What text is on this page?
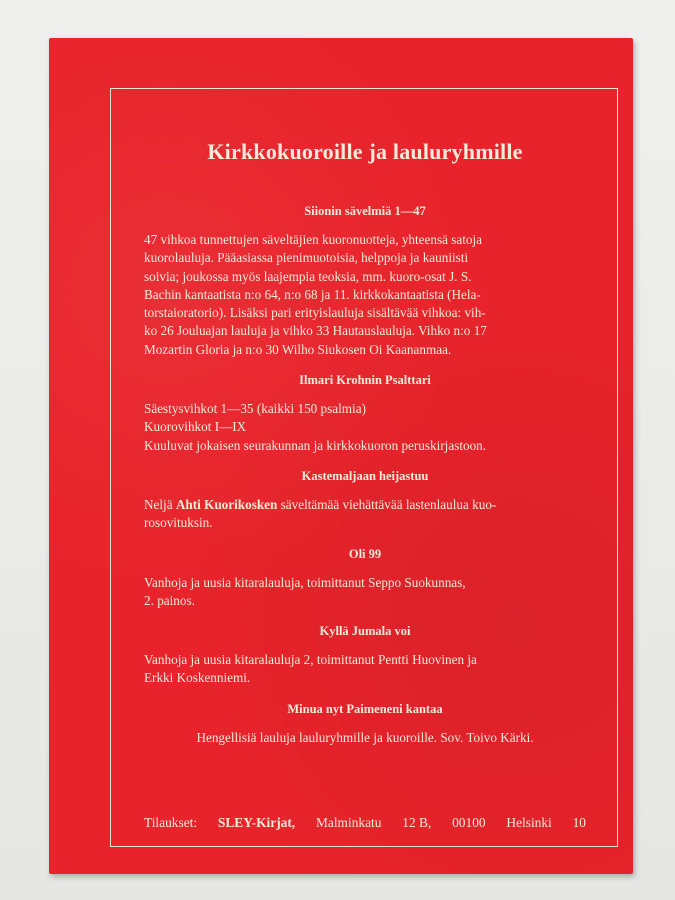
Kirkkokuoroille ja lauluryhmille
Siionin sävelmiä 1—47
47 vihkoa tunnettujen säveltäjien kuoronuotteja, yhteensä satoja
kuorolauluja. Pääasiassa pienimuotoisia, helppoja ja kauniisti
soivia; joukossa myös laajempia teoksia, mm. kuoro-osat J. S.
Bachin kantaatista n:o 64, n:o 68 ja 11. kirkkokantaatista (Hela-
torstaioratorio). Lisäksi pari erityislauluja sisältävää vihkoa: vih-
ko 26 Jouluajan lauluja ja vihko 33 Hautauslauluja. Vihko n:o 17
Mozartin Gloria ja n:o 30 Wilho Siukosen Oi Kaananmaa.
Ilmari Krohnin Psalttari
Säestysvihkot 1—35 (kaikki 150 psalmia)
Kuorovihkot I—IX
Kuuluvat jokaisen seurakunnan ja kirkkokuoron peruskirjastoon.
Kastemaljaan heijastuu
Neljä Ahti Kuorikosken säveltämää viehättävää lastenlaulua kuo-
rosovituksin.
Oli 99
Vanhoja ja uusia kitaralauluja, toimittanut Seppo Suokunnas,
2. painos.
Kyllä Jumala voi
Vanhoja ja uusia kitaralauluja 2, toimittanut Pentti Huovinen ja
Erkki Koskenniemi.
Minua nyt Paimeneni kantaa
Hengellisiä lauluja lauluryhmille ja kuoroille. Sov. Toivo Kärki.
Tilaukset: SLEY-Kirjat, Malminkatu 12 B, 00100 Helsinki 10
